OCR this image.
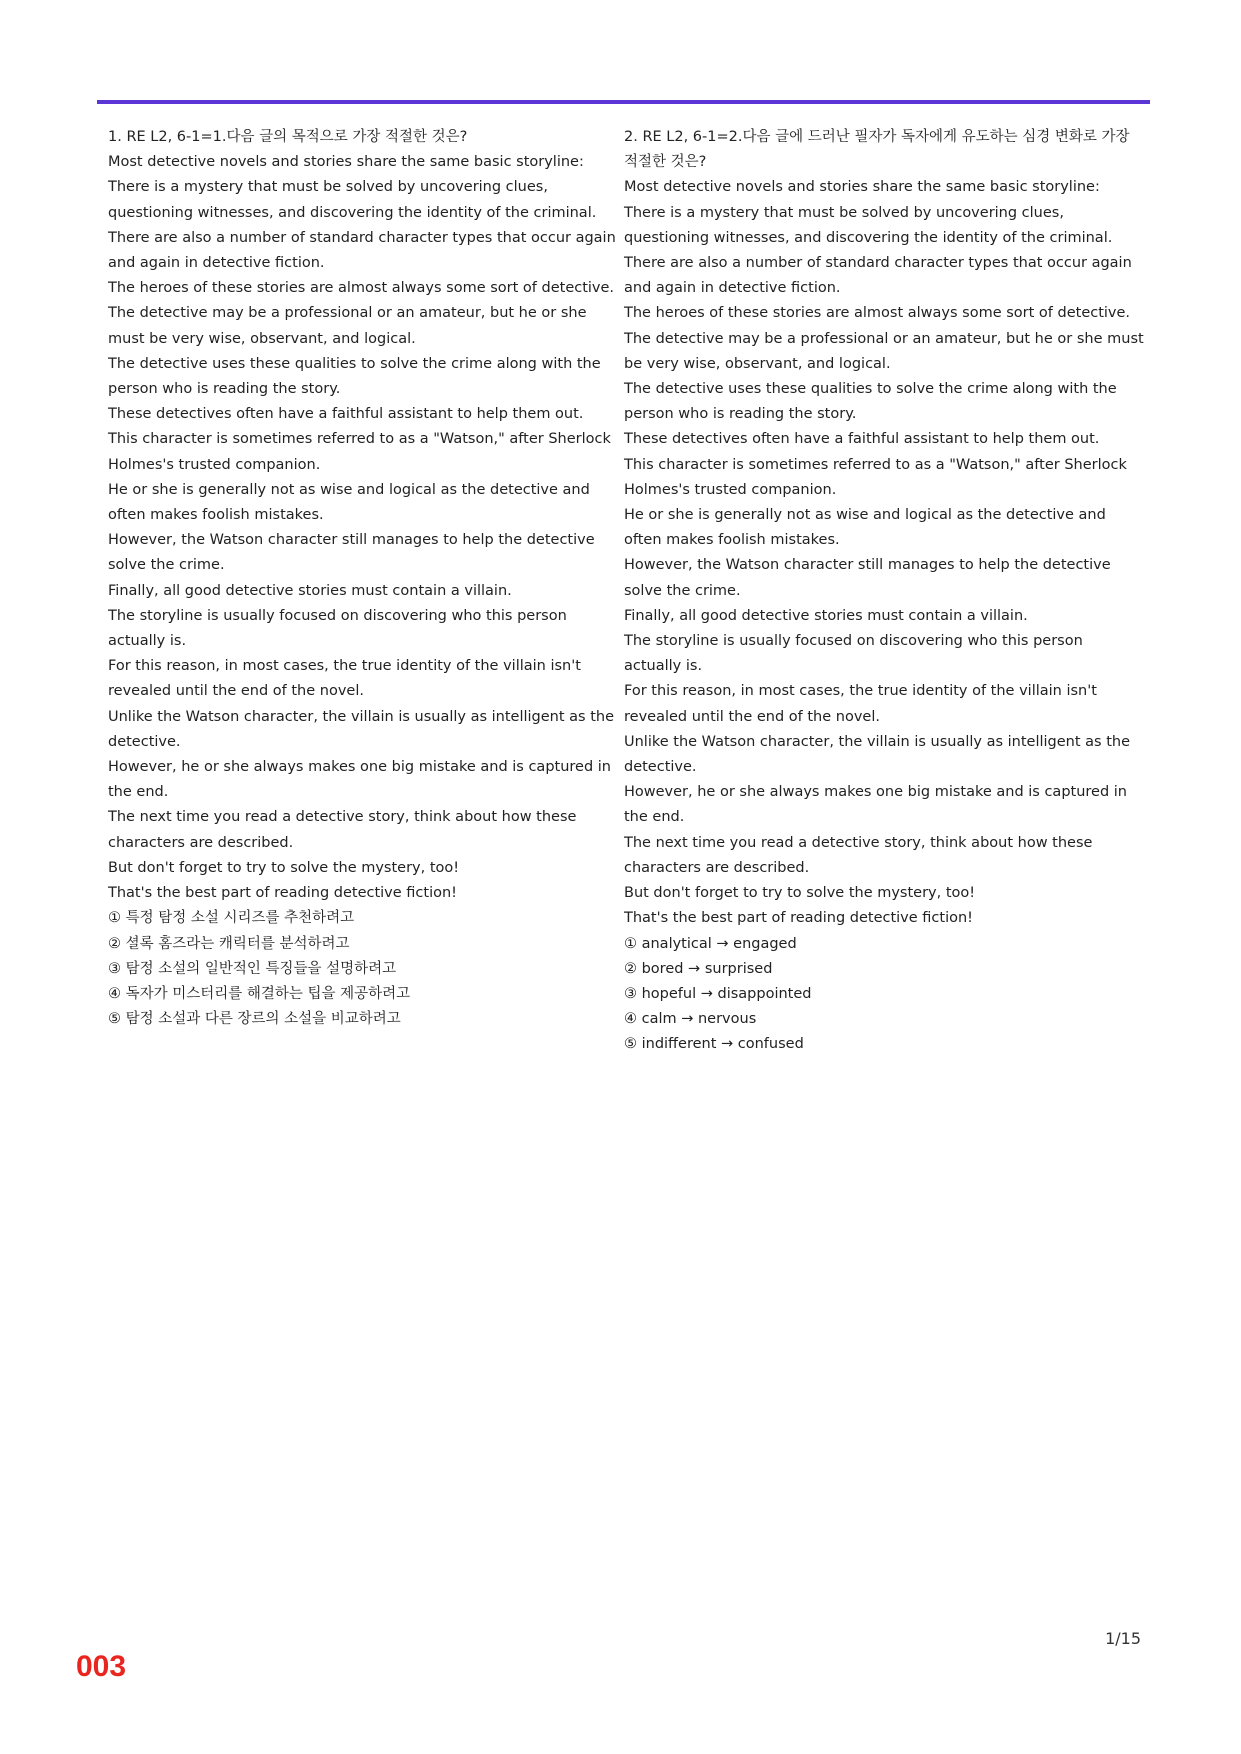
1. RE L2, 6-1=1.다음 글의 목적으로 가장 적절한 것은?
Most detective novels and stories share the same basic storyline:
There is a mystery that must be solved by uncovering clues, questioning witnesses, and discovering the identity of the criminal.
There are also a number of standard character types that occur again and again in detective fiction.
The heroes of these stories are almost always some sort of detective.
The detective may be a professional or an amateur, but he or she must be very wise, observant, and logical.
The detective uses these qualities to solve the crime along with the person who is reading the story.
These detectives often have a faithful assistant to help them out.
This character is sometimes referred to as a "Watson," after Sherlock Holmes's trusted companion.
He or she is generally not as wise and logical as the detective and often makes foolish mistakes.
However, the Watson character still manages to help the detective solve the crime.
Finally, all good detective stories must contain a villain.
The storyline is usually focused on discovering who this person actually is.
For this reason, in most cases, the true identity of the villain isn't revealed until the end of the novel.
Unlike the Watson character, the villain is usually as intelligent as the detective.
However, he or she always makes one big mistake and is captured in the end.
The next time you read a detective story, think about how these characters are described.
But don't forget to try to solve the mystery, too!
That's the best part of reading detective fiction!
① 특정 탐정 소설 시리즈를 추천하려고
② 셜록 홈즈라는 캐릭터를 분석하려고
③ 탐정 소설의 일반적인 특징들을 설명하려고
④ 독자가 미스터리를 해결하는 팁을 제공하려고
⑤ 탐정 소설과 다른 장르의 소설을 비교하려고
2. RE L2, 6-1=2.다음 글에 드러난 필자가 독자에게 유도하는 심경 변화로 가장 적절한 것은?
Most detective novels and stories share the same basic storyline:
There is a mystery that must be solved by uncovering clues, questioning witnesses, and discovering the identity of the criminal.
There are also a number of standard character types that occur again and again in detective fiction.
The heroes of these stories are almost always some sort of detective.
The detective may be a professional or an amateur, but he or she must be very wise, observant, and logical.
The detective uses these qualities to solve the crime along with the person who is reading the story.
These detectives often have a faithful assistant to help them out.
This character is sometimes referred to as a "Watson," after Sherlock Holmes's trusted companion.
He or she is generally not as wise and logical as the detective and often makes foolish mistakes.
However, the Watson character still manages to help the detective solve the crime.
Finally, all good detective stories must contain a villain.
The storyline is usually focused on discovering who this person actually is.
For this reason, in most cases, the true identity of the villain isn't revealed until the end of the novel.
Unlike the Watson character, the villain is usually as intelligent as the detective.
However, he or she always makes one big mistake and is captured in the end.
The next time you read a detective story, think about how these characters are described.
But don't forget to try to solve the mystery, too!
That's the best part of reading detective fiction!
① analytical → engaged
② bored → surprised
③ hopeful → disappointed
④ calm → nervous
⑤ indifferent → confused
1/15
003
